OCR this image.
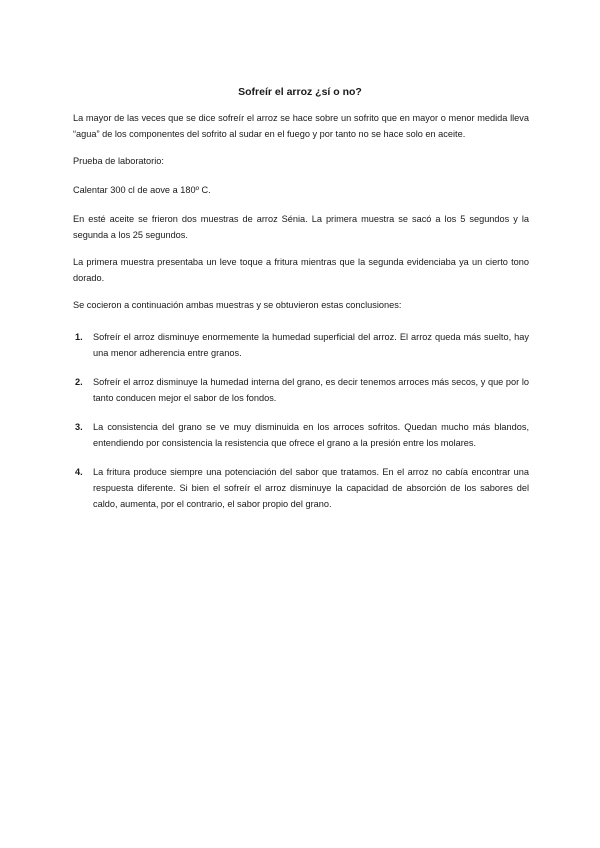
Sofreír el arroz ¿sí o no?

La mayor de las veces que se dice sofreír el arroz se hace sobre un sofrito que en mayor o menor medida lleva “agua” de los componentes del sofrito al sudar en el fuego y por tanto no se hace solo en aceite.

Prueba de laboratorio:

Calentar 300 cl de aove a 180º C.

En esté aceite se frieron dos muestras de arroz Sénia. La primera muestra se sacó a los 5 segundos y la segunda a los 25 segundos.

La primera muestra presentaba un leve toque a fritura mientras que la segunda evidenciaba ya un cierto tono dorado.

Se cocieron a continuación ambas muestras y se obtuvieron estas conclusiones:

1. Sofreír el arroz disminuye enormemente la humedad superficial del arroz. El arroz queda más suelto, hay una menor adherencia entre granos.
2. Sofreír el arroz disminuye la humedad interna del grano, es decir tenemos arroces más secos, y que por lo tanto conducen mejor el sabor de los fondos.
3. La consistencia del grano se ve muy disminuida en los arroces sofritos. Quedan mucho más blandos, entendiendo por consistencia la resistencia que ofrece el grano a la presión entre los molares.
4. La fritura produce siempre una potenciación del sabor que tratamos. En el arroz no cabía encontrar una respuesta diferente. Si bien el sofreír el arroz disminuye la capacidad de absorción de los sabores del caldo, aumenta, por el contrario, el sabor propio del grano.
